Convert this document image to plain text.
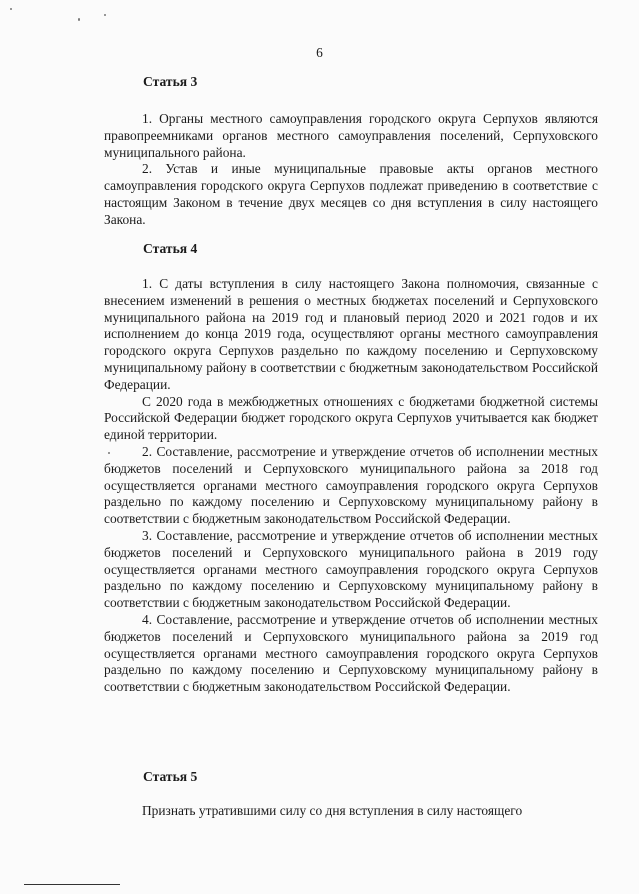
6
Статья 3

1. Органы местного самоуправления городского округа Серпухов являются правопреемниками органов местного самоуправления поселений, Серпуховского муниципального района.

2. Устав и иные муниципальные правовые акты органов местного самоуправления городского округа Серпухов подлежат приведению в соответствие с настоящим Законом в течение двух месяцев со дня вступления в силу настоящего Закона.

Статья 4

1. С даты вступления в силу настоящего Закона полномочия, связанные с внесением изменений в решения о местных бюджетах поселений и Серпуховского муниципального района на 2019 год и плановый период 2020 и 2021 годов и их исполнением до конца 2019 года, осуществляют органы местного самоуправления городского округа Серпухов раздельно по каждому поселению и Серпуховскому муниципальному району в соответствии с бюджетным законодательством Российской Федерации.

С 2020 года в межбюджетных отношениях с бюджетами бюджетной системы Российской Федерации бюджет городского округа Серпухов учитывается как бюджет единой территории.

2. Составление, рассмотрение и утверждение отчетов об исполнении местных бюджетов поселений и Серпуховского муниципального района за 2018 год осуществляется органами местного самоуправления городского округа Серпухов раздельно по каждому поселению и Серпуховскому муниципальному району в соответствии с бюджетным законодательством Российской Федерации.

3. Составление, рассмотрение и утверждение отчетов об исполнении местных бюджетов поселений и Серпуховского муниципального района в 2019 году осуществляется органами местного самоуправления городского округа Серпухов раздельно по каждому поселению и Серпуховскому муниципальному району в соответствии с бюджетным законодательством Российской Федерации.

4. Составление, рассмотрение и утверждение отчетов об исполнении местных бюджетов поселений и Серпуховского муниципального района за 2019 год осуществляется органами местного самоуправления городского округа Серпухов раздельно по каждому поселению и Серпуховскому муниципальному району в соответствии с бюджетным законодательством Российской Федерации.

Статья 5

Признать утратившими силу со дня вступления в силу настоящего
